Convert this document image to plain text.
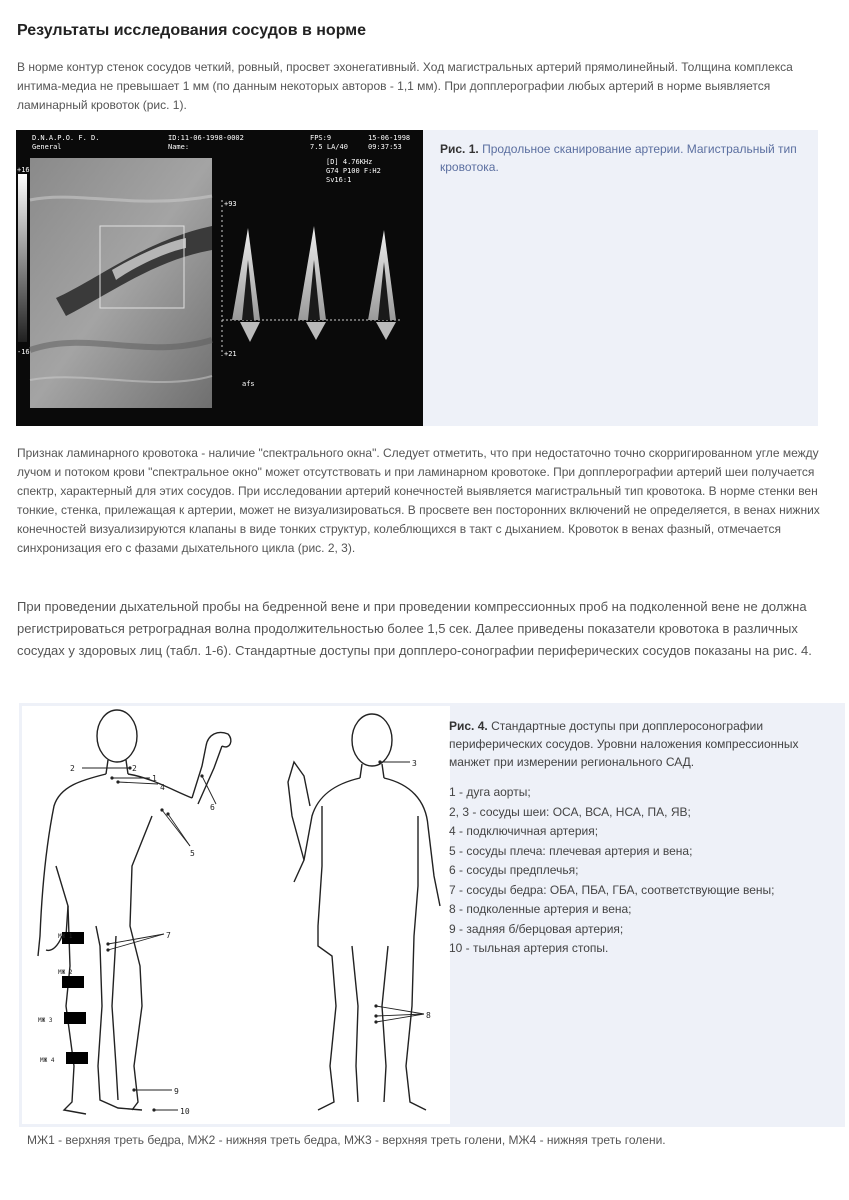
Результаты исследования сосудов в норме

В норме контур стенок сосудов четкий, ровный, просвет эхонегативный. Ход магистральных артерий прямолинейный. Толщина комплекса интима-медиа не превышает 1 мм (по данным некоторых авторов - 1,1 мм). При допплерографии любых артерий в норме выявляется ламинарный кровоток (рис. 1).

+16
-16
D.N.A.P.O. F. D.
General
ID:11-06-1998-0002
Name:
FPS:9
7.5 LA/40
15-06-1998
09:37:53
[D] 4.76KHz
G74 P100 F:H2
Sv16:1
+93
+21
afs

Рис. 1. Продольное сканирование артерии. Магистральный тип кровотока.

Признак ламинарного кровотока - наличие "спектрального окна". Следует отметить, что при недостаточно точно скорригированном угле между лучом и потоком крови "спектральное окно" может отсутствовать и при ламинарном кровотоке. При допплерографии артерий шеи получается спектр, характерный для этих сосудов. При исследовании артерий конечностей выявляется магистральный тип кровотока. В норме стенки вен тонкие, стенка, прилежащая к артерии, может не визуализироваться. В просвете вен посторонних включений не определяется, в венах нижних конечностей визуализируются клапаны в виде тонких структур, колеблющихся в такт с дыханием. Кровоток в венах фазный, отмечается синхронизация его с фазами дыхательного цикла (рис. 2, 3).

При проведении дыхательной пробы на бедренной вене и при проведении компрессионных проб на подколенной вене не должна регистрироваться ретроградная волна продолжительностью более 1,5 сек. Далее приведены показатели кровотока в различных сосудах у здоровых лиц (табл. 1-6). Стандартные доступы при допплеро-сонографии периферических сосудов показаны на рис. 4.

2	2
1
4
5
6
7
8
9
10
3
МЖ 1
МЖ 2
МЖ 3
МЖ 4

Рис. 4. Стандартные доступы при допплеросонографии периферических сосудов. Уровни наложения компрессионных манжет при измерении регионального САД.

1 - дуга аорты;
2, 3 - сосуды шеи: ОСА, ВСА, НСА, ПА, ЯВ;
4 - подключичная артерия;
5 - сосуды плеча: плечевая артерия и вена;
6 - сосуды предплечья;
7 - сосуды бедра: ОБА, ПБА, ГБА, соответствующие вены;
8 - подколенные артерия и вена;
9 - задняя б/берцовая артерия;
10 - тыльная артерия стопы.

МЖ1 - верхняя треть бедра, МЖ2 - нижняя треть бедра, МЖ3 - верхняя треть голени, МЖ4 - нижняя треть голени.
